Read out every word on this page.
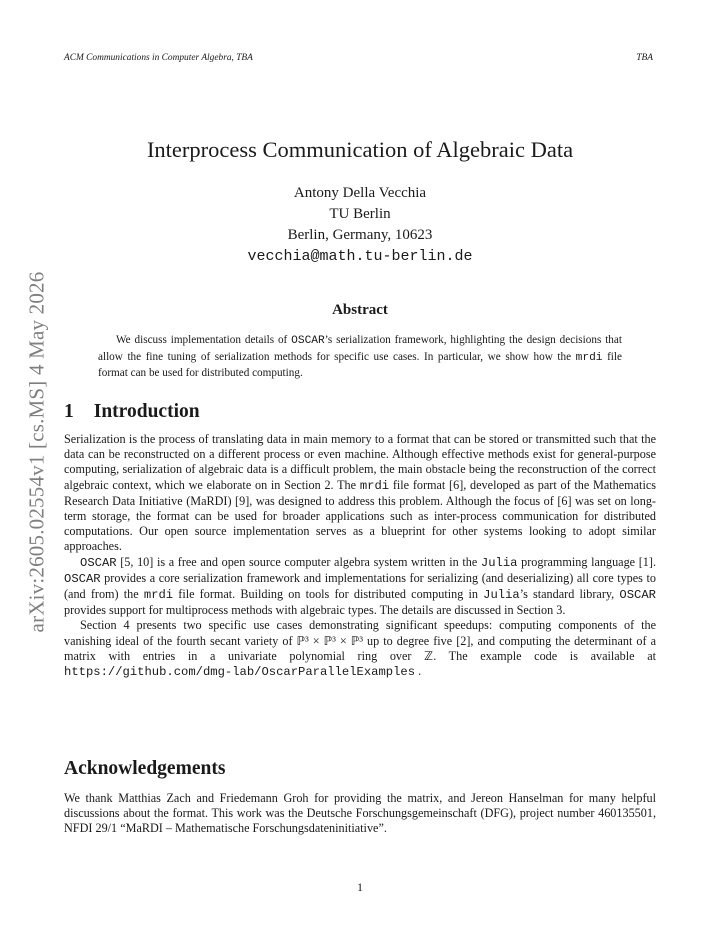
ACM Communications in Computer Algebra, TBA	TBA
arXiv:2605.02554v1 [cs.MS] 4 May 2026
Interprocess Communication of Algebraic Data
Antony Della Vecchia
TU Berlin
Berlin, Germany, 10623
vecchia@math.tu-berlin.de
Abstract

We discuss implementation details of OSCAR’s serialization framework, highlighting the design decisions that allow the fine tuning of serialization methods for specific use cases. In particular, we show how the mrdi file format can be used for distributed computing.

1 Introduction

Serialization is the process of translating data in main memory to a format that can be stored or transmitted such that the data can be reconstructed on a different process or even machine. Although effective methods exist for general-purpose computing, serialization of algebraic data is a difficult problem, the main obstacle being the reconstruction of the correct algebraic context, which we elaborate on in Section 2. The mrdi file format [6], developed as part of the Mathematics Research Data Initiative (MaRDI) [9], was designed to address this problem. Although the focus of [6] was set on long-term storage, the format can be used for broader applications such as inter-process communication for distributed computations. Our open source implementation serves as a blueprint for other systems looking to adopt similar approaches.

OSCAR [5, 10] is a free and open source computer algebra system written in the Julia programming language [1]. OSCAR provides a core serialization framework and implementations for serializing (and deserializing) all core types to (and from) the mrdi file format. Building on tools for distributed computing in Julia’s standard library, OSCAR provides support for multiprocess methods with algebraic types. The details are discussed in Section 3.

Section 4 presents two specific use cases demonstrating significant speedups: computing components of the vanishing ideal of the fourth secant variety of ℙ³ × ℙ³ × ℙ³ up to degree five [2], and computing the determinant of a matrix with entries in a univariate polynomial ring over ℤ. The example code is available at https://github.com/dmg-lab/OscarParallelExamples .

Acknowledgements

We thank Matthias Zach and Friedemann Groh for providing the matrix, and Jereon Hanselman for many helpful discussions about the format. This work was the Deutsche Forschungsgemeinschaft (DFG), project number 460135501, NFDI 29/1 “MaRDI – Mathematische Forschungsdateninitiative”.

1
